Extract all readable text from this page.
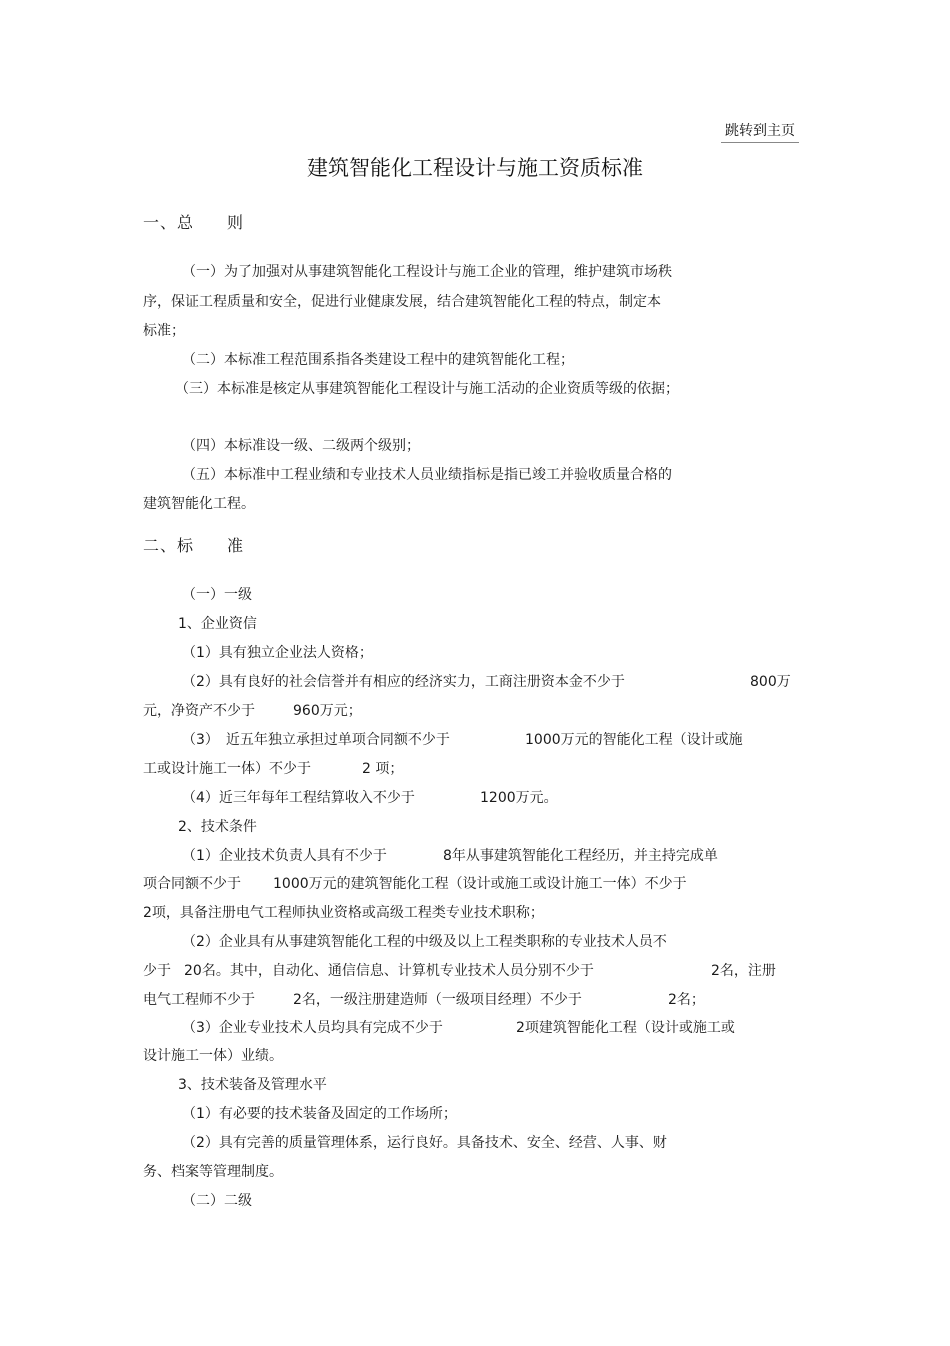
跳转到主页
建筑智能化工程设计与施工资质标准
一、总 则
（一）为了加强对从事建筑智能化工程设计与施工企业的管理，维护建筑市场秩
序，保证工程质量和安全，促进行业健康发展，结合建筑智能化工程的特点，制定本
标准；
（二）本标准工程范围系指各类建设工程中的建筑智能化工程；
（三）本标准是核定从事建筑智能化工程设计与施工活动的企业资质等级的依据；
（四）本标准设一级、二级两个级别；
（五）本标准中工程业绩和专业技术人员业绩指标是指已竣工并验收质量合格的
建筑智能化工程。
二、标 准
（一）一级
1、企业资信
（1）具有独立企业法人资格；
（2）具有良好的社会信誉并有相应的经济实力，工商注册资本金不少于	800万
元，净资产不少于	960万元；
（3）　近五年独立承担过单项合同额不少于	1000万元的智能化工程（设计或施
工或设计施工一体）不少于	2 项；
（4）近三年每年工程结算收入不少于	1200万元。
2、技术条件
（1）企业技术负责人具有不少于	8年从事建筑智能化工程经历，并主持完成单
项合同额不少于 1000万元的建筑智能化工程（设计或施工或设计施工一体）不少于
2项，具备注册电气工程师执业资格或高级工程类专业技术职称；
（2）企业具有从事建筑智能化工程的中级及以上工程类职称的专业技术人员不
少于 20名。其中，自动化、通信信息、计算机专业技术人员分别不少于	2名，注册
电气工程师不少于	2名，一级注册建造师（一级项目经理）不少于	2名；
（3）企业专业技术人员均具有完成不少于	2项建筑智能化工程（设计或施工或
设计施工一体）业绩。
3、技术装备及管理水平
（1）有必要的技术装备及固定的工作场所；
（2）具有完善的质量管理体系，运行良好。具备技术、安全、经营、人事、财
务、档案等管理制度。
（二）二级
